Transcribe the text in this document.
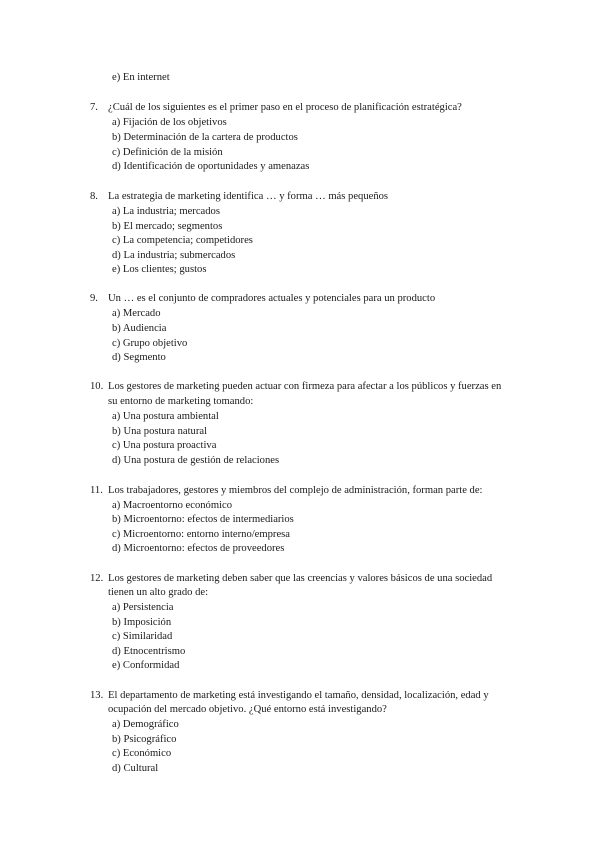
e) En internet
7. ¿Cuál de los siguientes es el primer paso en el proceso de planificación estratégica?
a) Fijación de los objetivos
b) Determinación de la cartera de productos
c) Definición de la misión
d) Identificación de oportunidades y amenazas
8. La estrategia de marketing identifica … y forma … más pequeños
a) La industria; mercados
b) El mercado; segmentos
c) La competencia; competidores
d) La industria; submercados
e) Los clientes; gustos
9. Un … es el conjunto de compradores actuales y potenciales para un producto
a) Mercado
b) Audiencia
c) Grupo objetivo
d) Segmento
10. Los gestores de marketing pueden actuar con firmeza para afectar a los públicos y fuerzas en
su entorno de marketing tomando:
a) Una postura ambiental
b) Una postura natural
c) Una postura proactiva
d) Una postura de gestión de relaciones
11. Los trabajadores, gestores y miembros del complejo de administración, forman parte de:
a) Macroentorno económico
b) Microentorno: efectos de intermediarios
c) Microentorno: entorno interno/empresa
d) Microentorno: efectos de proveedores
12. Los gestores de marketing deben saber que las creencias y valores básicos de una sociedad
tienen un alto grado de:
a) Persistencia
b) Imposición
c) Similaridad
d) Etnocentrismo
e) Conformidad
13. El departamento de marketing está investigando el tamaño, densidad, localización, edad y
ocupación del mercado objetivo. ¿Qué entorno está investigando?
a) Demográfico
b) Psicográfico
c) Económico
d) Cultural
